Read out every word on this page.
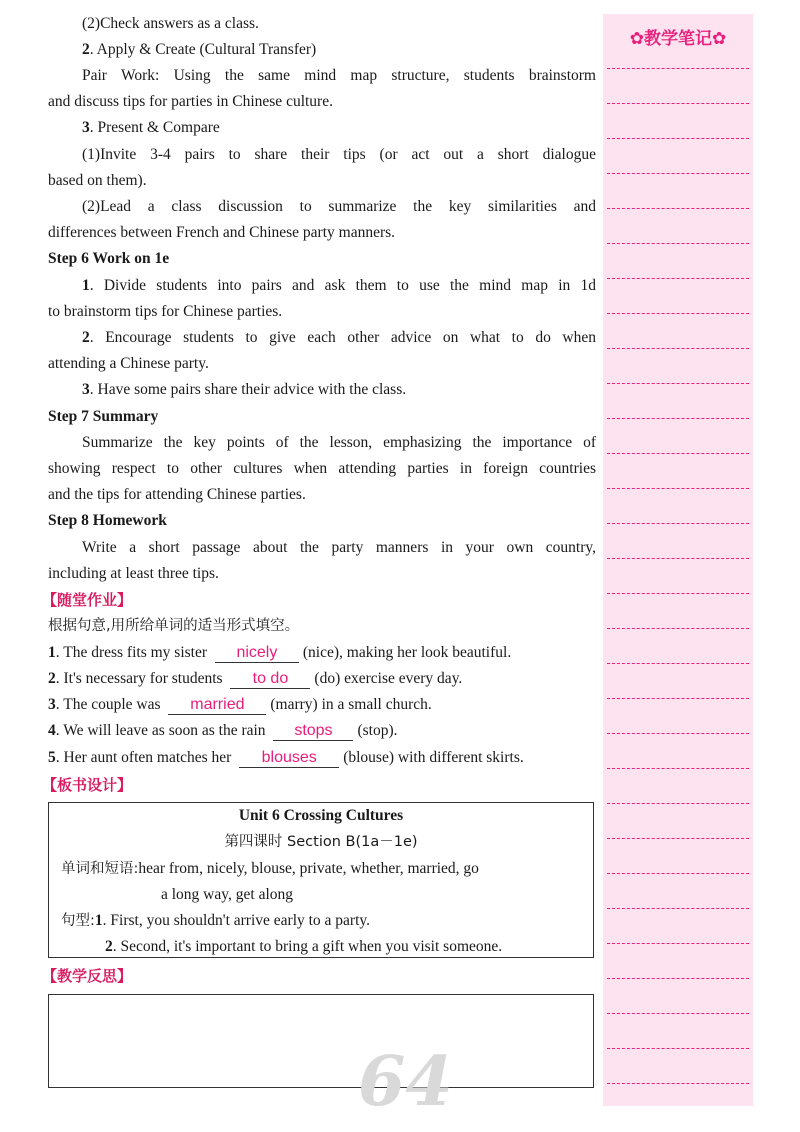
(2)Check answers as a class.
2. Apply & Create (Cultural Transfer)
Pair Work: Using the same mind map structure, students brainstorm
and discuss tips for parties in Chinese culture.
3. Present & Compare
(1)Invite 3-4 pairs to share their tips (or act out a short dialogue
based on them).
(2)Lead a class discussion to summarize the key similarities and
differences between French and Chinese party manners.
Step 6 Work on 1e
1. Divide students into pairs and ask them to use the mind map in 1d
to brainstorm tips for Chinese parties.
2. Encourage students to give each other advice on what to do when
attending a Chinese party.
3. Have some pairs share their advice with the class.
Step 7 Summary
Summarize the key points of the lesson, emphasizing the importance of
showing respect to other cultures when attending parties in foreign countries
and the tips for attending Chinese parties.
Step 8 Homework
Write a short passage about the party manners in your own country,
including at least three tips.
【随堂作业】
根据句意,用所给单词的适当形式填空。
1. The dress fits my sister nicely (nice), making her look beautiful.
2. It's necessary for students to do (do) exercise every day.
3. The couple was married (marry) in a small church.
4. We will leave as soon as the rain stops (stop).
5. Her aunt often matches her blouses (blouse) with different skirts.
【板书设计】
Unit 6 Crossing Cultures
第四课时 Section B(1a－1e)
单词和短语:hear from, nicely, blouse, private, whether, married, go
a long way, get along
句型:1. First, you shouldn't arrive early to a party.
2. Second, it's important to bring a gift when you visit someone.
【教学反思】
64
✿教学笔记✿
